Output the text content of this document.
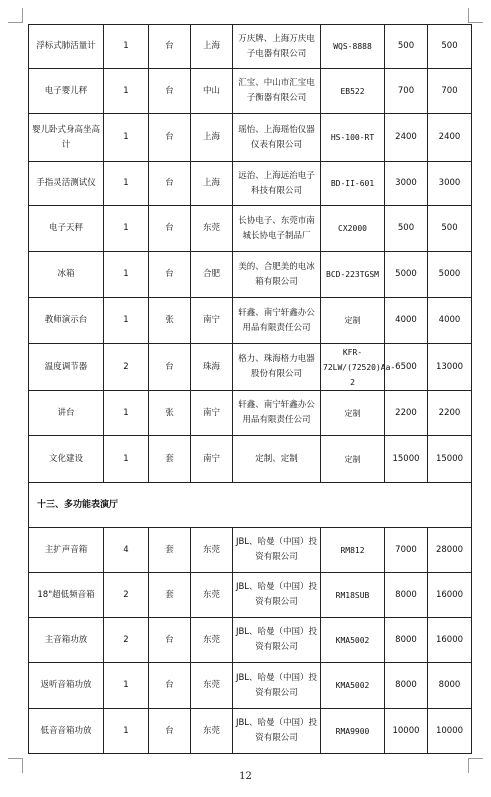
浮标式肺活量计	1	台	上海	万庆牌、上海万庆电子电器有限公司	WQS-8888	500	500
电子婴儿秤	1	台	中山	汇宝、中山市汇宝电子衡器有限公司	EB522	700	700
婴儿卧式身高坐高计	1	台	上海	瑶怡、上海瑶怡仪器仪表有限公司	HS-100-RT	2400	2400
手指灵活测试仪	1	台	上海	远治、上海远治电子科技有限公司	BD-II-601	3000	3000
电子天秤	1	台	东莞	长协电子、东莞市南城长协电子制品厂	CX2000	500	500
冰箱	1	台	合肥	美的、合肥美的电冰箱有限公司	BCD-223TGSM	5000	5000
教师演示台	1	张	南宁	轩鑫、南宁轩鑫办公用品有限责任公司	定制	4000	4000
温度调节器	2	台	珠海	格力、珠海格力电器股份有限公司	KFR-72LW/(72520)Aa-2	6500	13000
讲台	1	张	南宁	轩鑫、南宁轩鑫办公用品有限责任公司	定制	2200	2200
文化建设	1	套	南宁	定制、定制	定制	15000	15000
十三、多功能表演厅							
主扩声音箱	4	套	东莞	JBL、哈曼（中国）投资有限公司	RM812	7000	28000
18"超低频音箱	2	套	东莞	JBL、哈曼（中国）投资有限公司	RM18SUB	8000	16000
主音箱功放	2	台	东莞	JBL、哈曼（中国）投资有限公司	KMA5002	8000	16000
返听音箱功放	1	台	东莞	JBL、哈曼（中国）投资有限公司	KMA5002	8000	8000
低音音箱功放	1	台	东莞	JBL、哈曼（中国）投资有限公司	RMA9900	10000	10000
12
